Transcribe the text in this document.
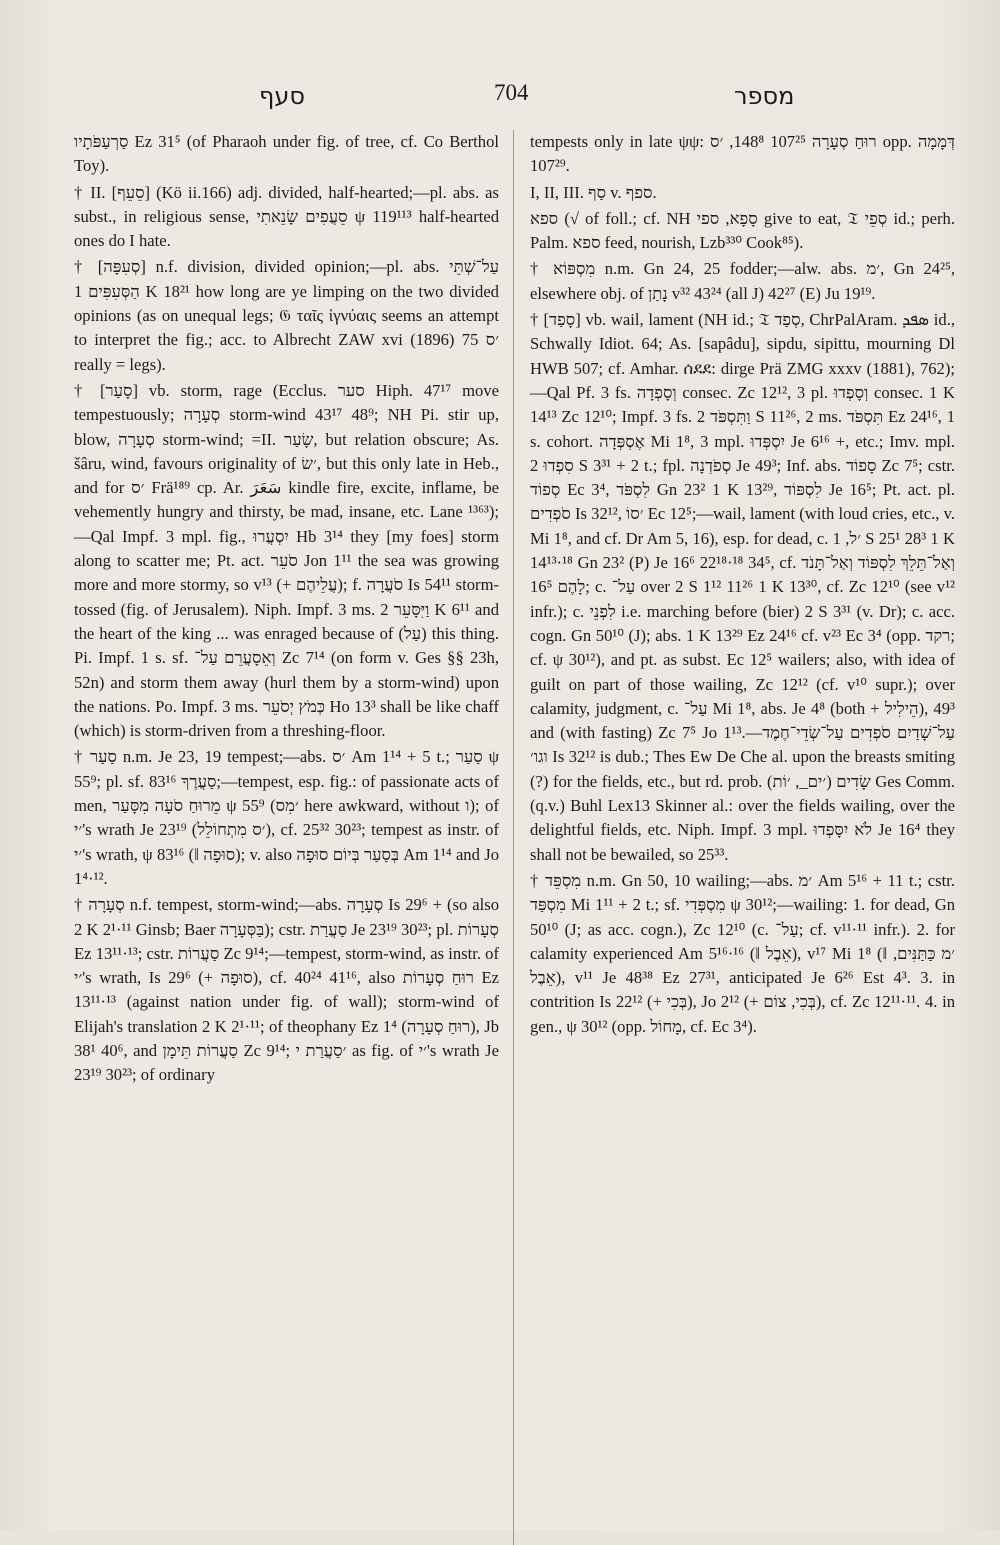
סעף	704	מספר

סַרְעַפֹּתָיו Ez 31⁵ (of Pharaoh under fig. of tree, cf. Co Berthol Toy).

† II. [סֵעֵף] (Kö ii.166) adj. divided, half-hearted;—pl. abs. as subst., in religious sense, סֵעֲפִים שָׂנֵאתִי ψ 119¹¹³ half-hearted ones do I hate.

† [סְעִפָּה] n.f. division, divided opinion;—pl. abs. עַל־שְׁתֵּי הַסְּעִפִּים 1 K 18²¹ how long are ye limping on the two divided opinions (as on unequal legs; 𝔊 ταῖς ἰγνύαις seems an attempt to interpret the fig.; acc. to Albrecht ZAW xvi (1896) 75 ׳ס really = legs).

† [סָעַר] vb. storm, rage (Ecclus. סער Hiph. 47¹⁷ move tempestuously; סְעָרָה storm-wind 43¹⁷ 48⁹; NH Pi. stir up, blow, סְעָרָה storm-wind; =II. שָׂעַר, but relation obscure; As. šâru, wind, favours originality of ׳שׂ, but this only late in Heb., and for ׳ס Frä¹⁸⁹ cp. Ar. سَعَرَ kindle fire, excite, inflame, be vehemently hungry and thirsty, be mad, insane, etc. Lane ¹³⁶³);—Qal Impf. 3 mpl. fig., יִסְעֲרוּ Hb 3¹⁴ they [my foes] storm along to scatter me; Pt. act. סֹעֵר Jon 1¹¹ the sea was growing more and more stormy, so v¹³ (+ עֲלֵיהֶם); f. סֹעֲרָה Is 54¹¹ storm-tossed (fig. of Jerusalem). Niph. Impf. 3 ms. וַיִּסָּעֵר 2 K 6¹¹ and the heart of the king ... was enraged because of (עַל) this thing. Pi. Impf. 1 s. sf. וְאֵסָעֲרֵם עַל־ Zc 7¹⁴ (on form v. Ges §§ 23h, 52n) and storm them away (hurl them by a storm-wind) upon the nations. Po. Impf. 3 ms. כְּמֹץ יְסֹעֵר Ho 13³ shall be like chaff (which) is storm-driven from a threshing-floor.

† סַעַר n.m. Je 23, 19 tempest;—abs. ׳ס Am 1¹⁴ + 5 t.; סַעַר ψ 55⁹; pl. sf. סַעֲרֶךָ 83¹⁶;—tempest, esp. fig.: of passionate acts of men, מֵרוּחַ סֹעָה מִסָּעַר ψ 55⁹ (׳מִס here awkward, without ו); of ׳י's wrath Je 23¹⁹ (׳ס מִתְחוֹלֵל), cf. 25³² 30²³; tempest as instr. of ׳י's wrath, ψ 83¹⁶ (‖ סוּפָה); v. also בְּסַעַר בְּיוֹם סוּפָה Am 1¹⁴ and Jo 1⁴·¹².

† סְעָרָה n.f. tempest, storm-wind;—abs. סְעָרָה Is 29⁶ + (so also 2 K 2¹·¹¹ Ginsb; Baer בַּסְּעָרָה); cstr. סַעֲרַת Je 23¹⁹ 30²³; pl. סְעָרוֹת Ez 13¹¹·¹³; cstr. סַעֲרוֹת Zc 9¹⁴;—tempest, storm-wind, as instr. of ׳י's wrath, Is 29⁶ (+ סוּפָה), cf. 40²⁴ 41¹⁶, also רוּחַ סְעָרוֹת Ez 13¹¹·¹³ (against nation under fig. of wall); storm-wind of Elijah's translation 2 K 2¹·¹¹; of theophany Ez 1⁴ (רוּחַ סְעָרָה), Jb 38¹ 40⁶, and סַעֲרוֹת תֵּימָן Zc 9¹⁴; ׳סַעֲרַת י as fig. of ׳י's wrath Je 23¹⁹ 30²³; of ordinary

tempests only in late ψψ: רוּחַ סְעָרָה 107²⁵ 148⁸, ׳ס opp. דְּמָמָה 107²⁹.

I, II, III. סַף v. ספף.

ספא (√ of foll.; cf. NH סָפָא, ספי give to eat, 𝔗 סְפֵי id.; perh. Palm. ספא feed, nourish, Lzb³³⁰ Cook⁸⁵).

† מִסְפּוֹא n.m. Gn 24, 25 fodder;—alw. abs. ׳מ, Gn 24²⁵, elsewhere obj. of נָתַן v³² 43²⁴ (all J) 42²⁷ (E) Ju 19¹⁹.

† [סָפַד] vb. wail, lament (NH id.; 𝔗 סְפַד, ChrPalAram. ܣܦܕ id., Schwally Idiot. 64; As. [sapâdu], sipdu, sipittu, mourning Dl HWB 507; cf. Amhar. ሰደደ: dirge Prä ZMG xxxv (1881), 762);—Qal Pf. 3 fs. וְסָפְדָה consec. Zc 12¹², 3 pl. וְסָפְדוּ consec. 1 K 14¹³ Zc 12¹⁰; Impf. 3 fs. וַתִּסְפֹּד 2 S 11²⁶, 2 ms. תִּסְפֹּד Ez 24¹⁶, 1 s. cohort. אֶסְפְּדָה Mi 1⁸, 3 mpl. יִסְפְּדוּ Je 6¹⁶ +, etc.; Imv. mpl. סִפְדוּ 2 S 3³¹ + 2 t.; fpl. סְפֹדְנָה Je 49³; Inf. abs. סָפוֹד Zc 7⁵; cstr. סְפוֹד Ec 3⁴, לִסְפֹּד Gn 23² 1 K 13²⁹, לִסְפּוֹד Je 16⁵; Pt. act. pl. סֹפְדִים Is 32¹², ׳סוֹ Ec 12⁵;—wail, lament (with loud cries, etc., v. Mi 1⁸, and cf. Dr Am 5, 16), esp. for dead, c. ׳ל, 1 S 25¹ 28³ 1 K 14¹³·¹⁸ Gn 23² (P) Je 16⁶ 22¹⁸·¹⁸ 34⁵, cf. וְאַל־תֵּלֵךְ לִסְפּוֹד וְאַל־תָּנֹד לָהֶם 16⁵; c. עַל־ over 2 S 1¹² 11²⁶ 1 K 13³⁰, cf. Zc 12¹⁰ (see v¹² infr.); c. לִפְנֵי i.e. marching before (bier) 2 S 3³¹ (v. Dr); c. acc. cogn. Gn 50¹⁰ (J); abs. 1 K 13²⁹ Ez 24¹⁶ cf. v²³ Ec 3⁴ (opp. רקד; cf. ψ 30¹²), and pt. as subst. Ec 12⁵ wailers; also, with idea of guilt on part of those wailing, Zc 12¹² (cf. v¹⁰ supr.); over calamity, judgment, c. עַל־ Mi 1⁸, abs. Je 4⁸ (both + הֵילִיל), 49³ and (with fasting) Zc 7⁵ Jo 1¹³.—עַל־שָׁדַיִם סֹפְדִים עַל־שְׂדֵי־חֶמֶד וגו׳ Is 32¹² is dub.; Thes Ew De Che al. upon the breasts smiting (?) for the fields, etc., but rd. prob. שָׂדִים (׳ים_, ׳וֹת) Ges Comm. (q.v.) Buhl Lex13 Skinner al.: over the fields wailing, over the delightful fields, etc. Niph. Impf. 3 mpl. לֹא יִסָּפְדוּ Je 16⁴ they shall not be bewailed, so 25³³.

† מִסְפֵּד n.m. Gn 50, 10 wailing;—abs. ׳מ Am 5¹⁶ + 11 t.; cstr. מִסְפַּד Mi 1¹¹ + 2 t.; sf. מִסְפְּדִי ψ 30¹²;—wailing: 1. for dead, Gn 50¹⁰ (J; as acc. cogn.), Zc 12¹⁰ (c. עַל־; cf. v¹¹·¹¹ infr.). 2. for calamity experienced Am 5¹⁶·¹⁶ (‖ אֵבֶל), v¹⁷ Mi 1⁸ (׳מ כַּתַּנִּים, ‖ אֵבֶל), v¹¹ Je 48³⁸ Ez 27³¹, anticipated Je 6²⁶ Est 4³. 3. in contrition Is 22¹² (+ בְּכִי), Jo 2¹² (+ בְּכִי, צוֹם), cf. Zc 12¹¹·¹¹. 4. in gen., ψ 30¹² (opp. מָחוֹל, cf. Ec 3⁴).
